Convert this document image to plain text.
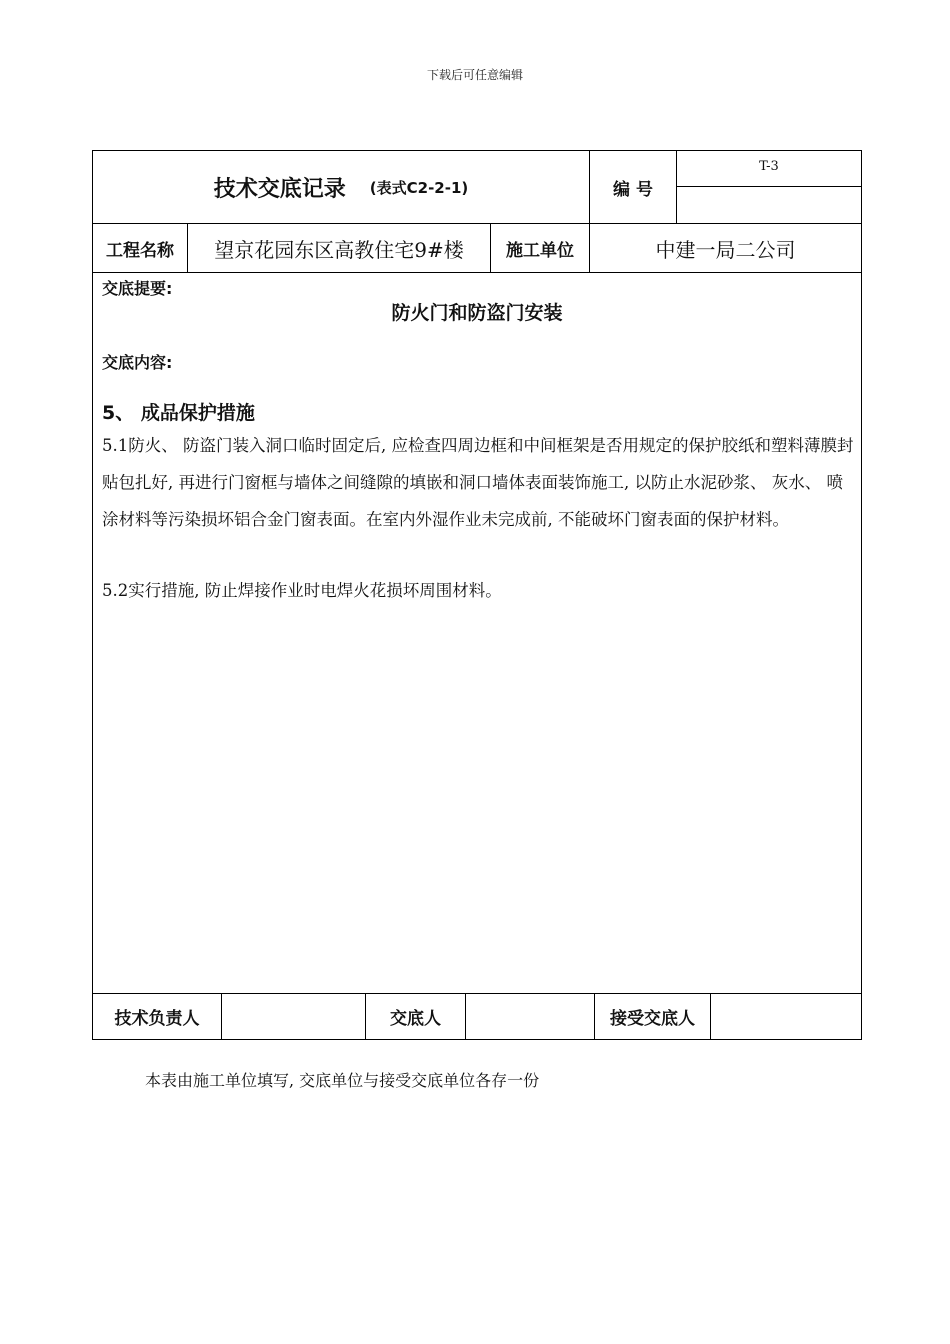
下载后可任意编辑
技术交底记录 (表式C2-2-1)	编 号
T-3
工程名称 望京花园东区高教住宅9#楼 施工单位	中建一局二公司
交底提要:
防火门和防盗门安装
交底内容:
5、 成品保护措施

5.1防火、 防盗门装入洞口临时固定后, 应检查四周边框和中间框架是否用规定的保护胶纸和塑料薄膜封贴包扎好, 再进行门窗框与墙体之间缝隙的填嵌和洞口墙体表面装饰施工, 以防止水泥砂浆、 灰水、 喷涂材料等污染损坏铝合金门窗表面。在室内外湿作业未完成前, 不能破坏门窗表面的保护材料。

5.2实行措施, 防止焊接作业时电焊火花损坏周围材料。

技术负责人	交底人	接受交底人
本表由施工单位填写, 交底单位与接受交底单位各存一份
